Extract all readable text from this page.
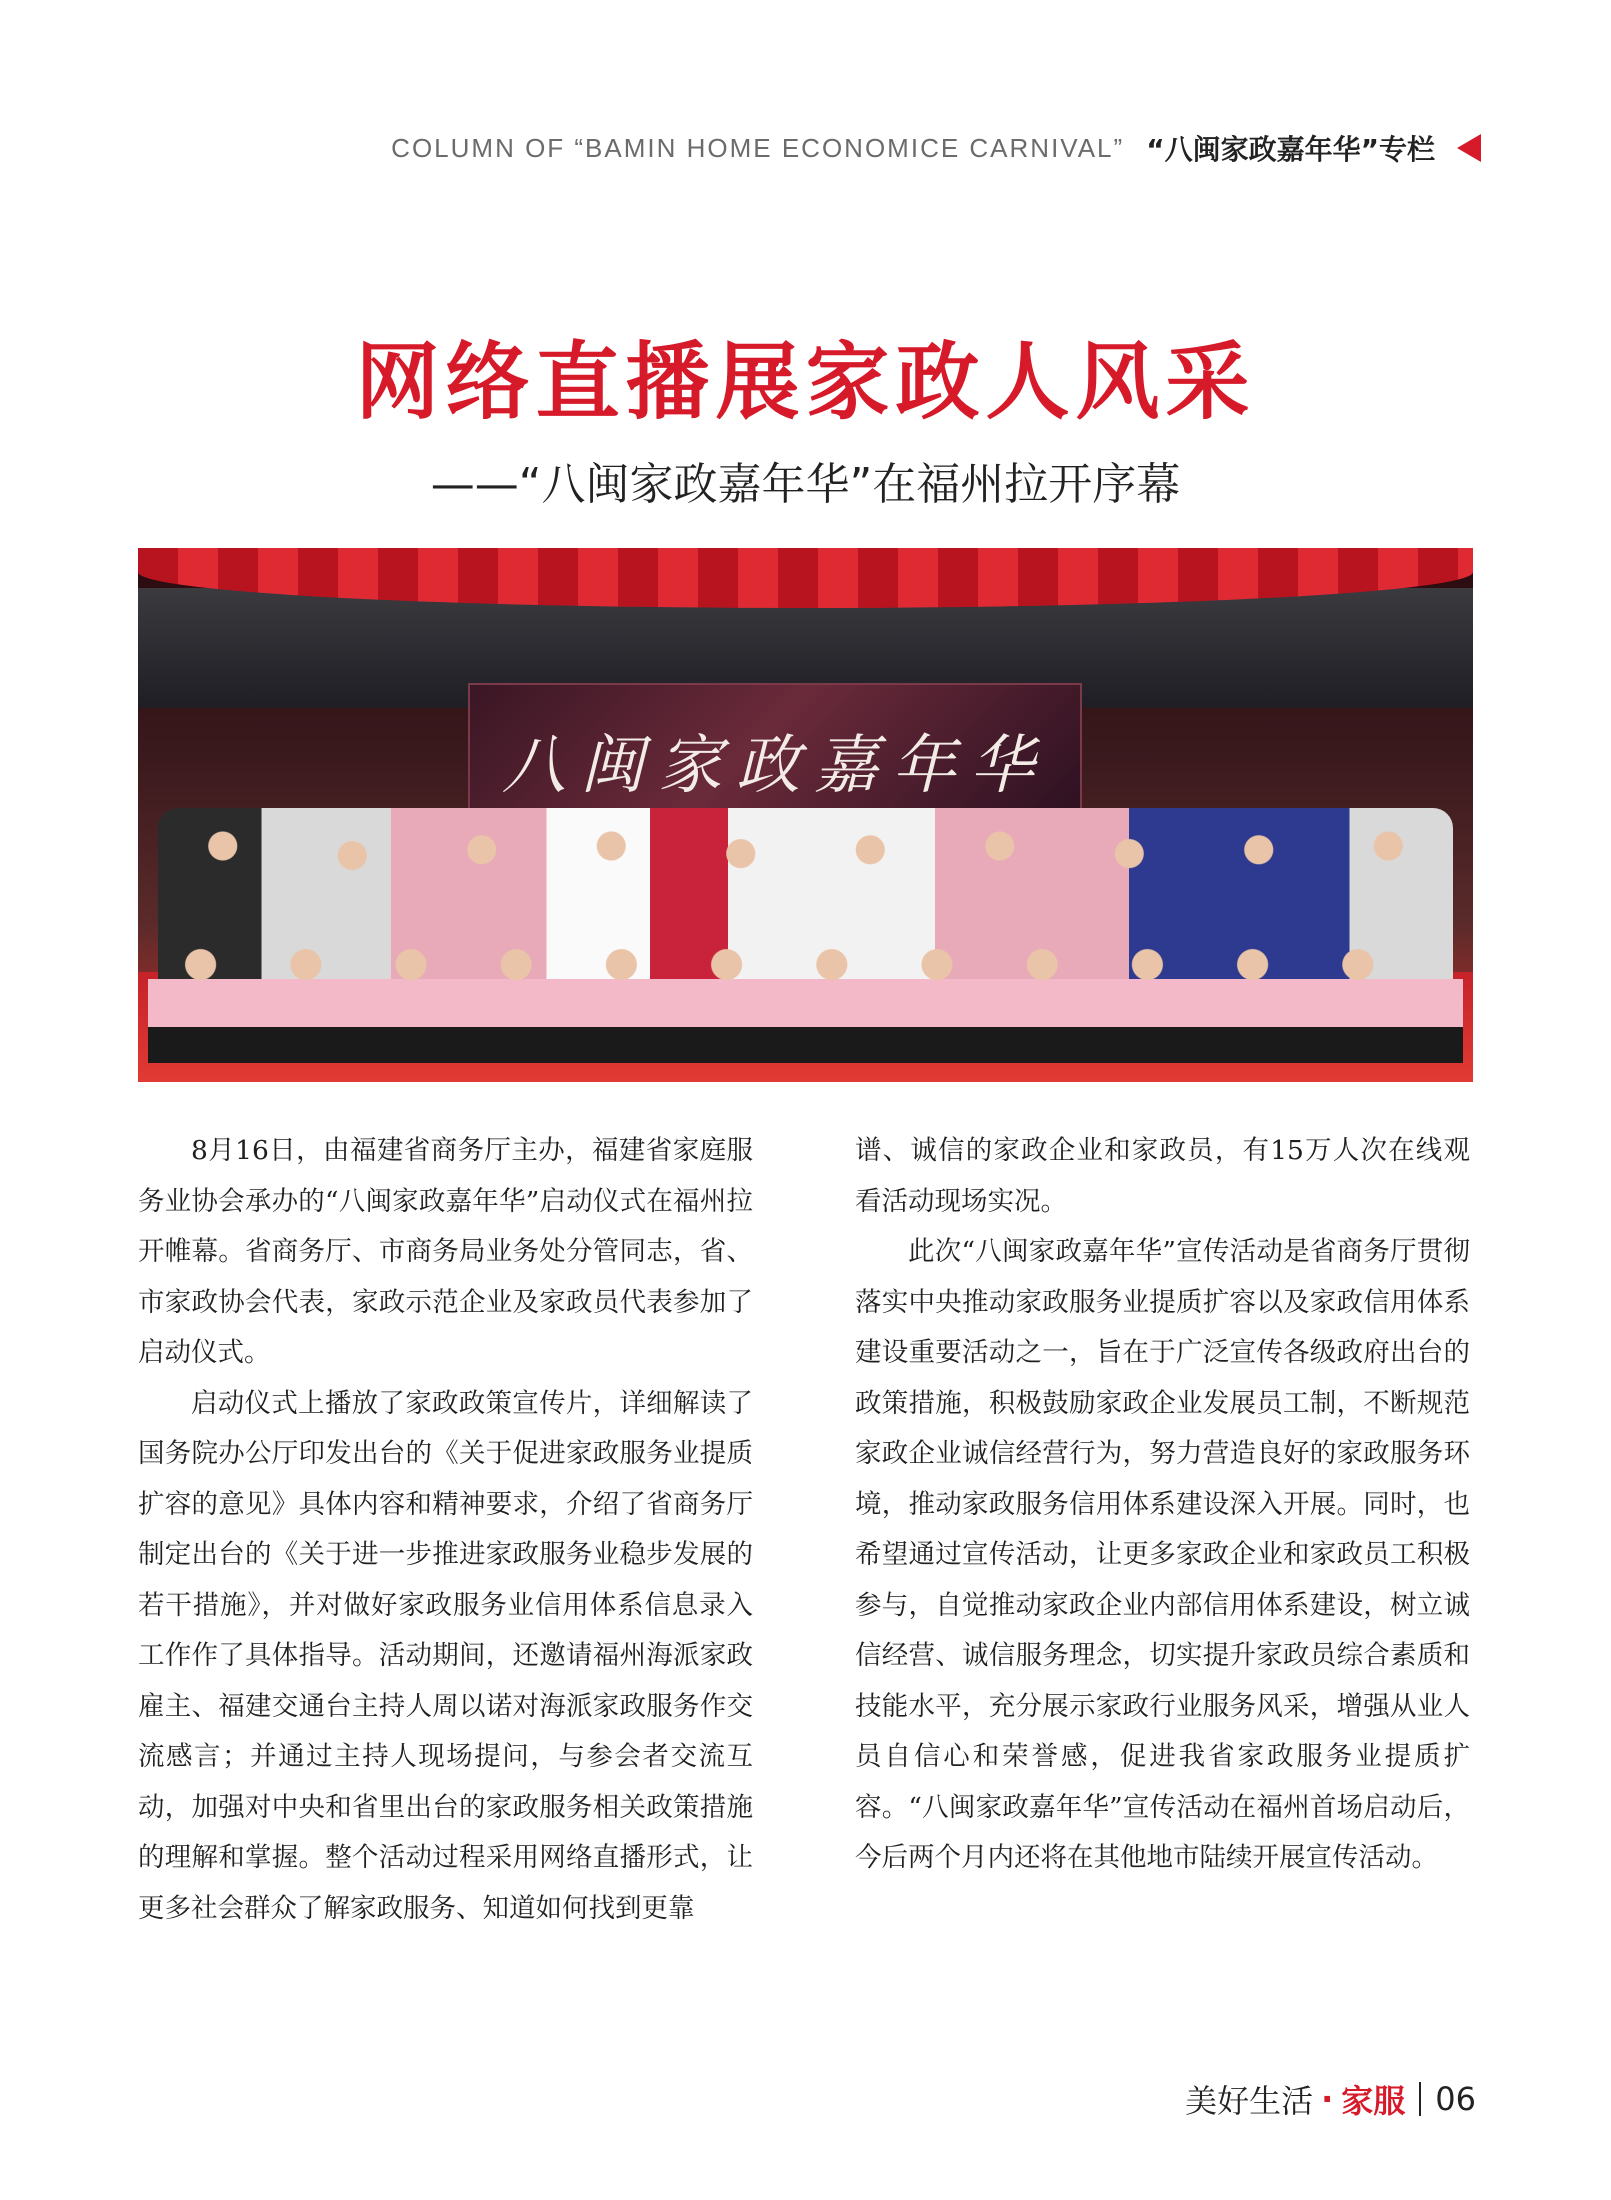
COLUMN OF “BAMIN HOME ECONOMICE CARNIVAL” “八闽家政嘉年华”专栏
网络直播展家政人风采
——“八闽家政嘉年华”在福州拉开序幕
八闽家政嘉年华

8月16日，由福建省商务厅主办，福建省家庭服务业协会承办的“八闽家政嘉年华”启动仪式在福州拉开帷幕。省商务厅、市商务局业务处分管同志，省、市家政协会代表，家政示范企业及家政员代表参加了启动仪式。

启动仪式上播放了家政政策宣传片，详细解读了国务院办公厅印发出台的《关于促进家政服务业提质扩容的意见》具体内容和精神要求，介绍了省商务厅制定出台的《关于进一步推进家政服务业稳步发展的若干措施》，并对做好家政服务业信用体系信息录入工作作了具体指导。活动期间，还邀请福州海派家政雇主、福建交通台主持人周以诺对海派家政服务作交流感言；并通过主持人现场提问，与参会者交流互动，加强对中央和省里出台的家政服务相关政策措施的理解和掌握。整个活动过程采用网络直播形式，让更多社会群众了解家政服务、知道如何找到更靠

谱、诚信的家政企业和家政员，有15万人次在线观看活动现场实况。

此次“八闽家政嘉年华”宣传活动是省商务厅贯彻落实中央推动家政服务业提质扩容以及家政信用体系建设重要活动之一，旨在于广泛宣传各级政府出台的政策措施，积极鼓励家政企业发展员工制，不断规范家政企业诚信经营行为，努力营造良好的家政服务环境，推动家政服务信用体系建设深入开展。同时，也希望通过宣传活动，让更多家政企业和家政员工积极参与，自觉推动家政企业内部信用体系建设，树立诚信经营、诚信服务理念，切实提升家政员综合素质和技能水平，充分展示家政行业服务风采，增强从业人员自信心和荣誉感，促进我省家政服务业提质扩容。“八闽家政嘉年华”宣传活动在福州首场启动后，今后两个月内还将在其他地市陆续开展宣传活动。

美好生活 · 家服 06
